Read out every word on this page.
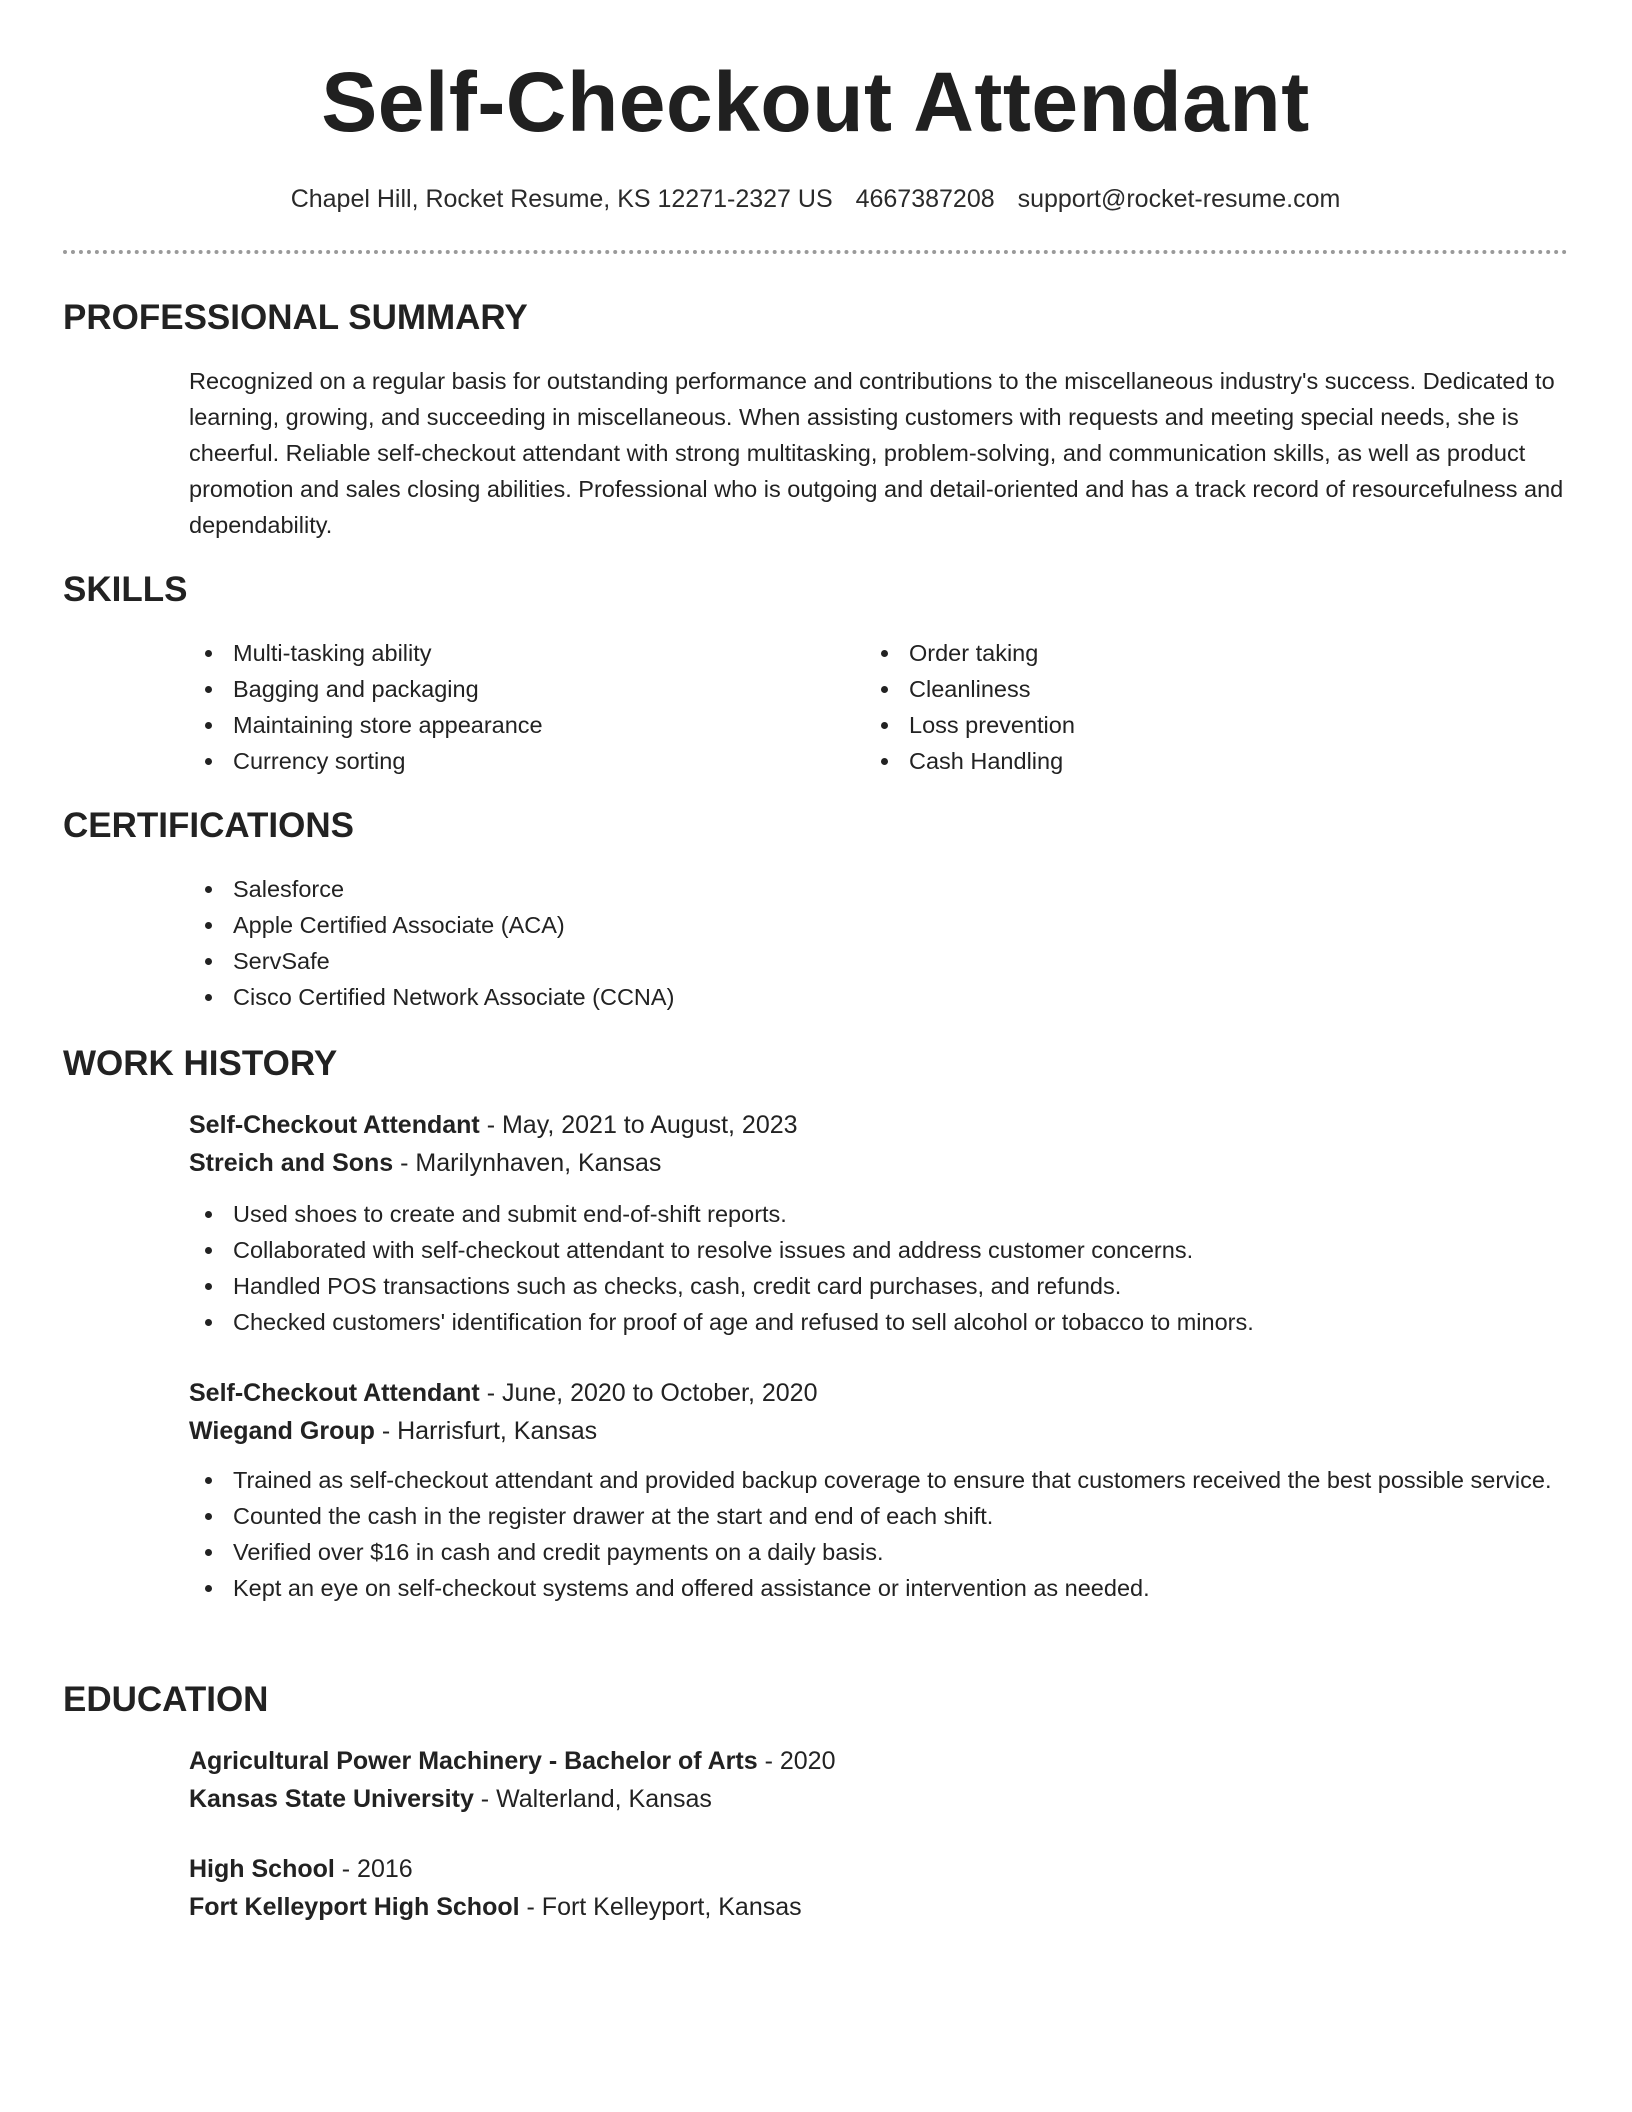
Self-Checkout Attendant
Chapel Hill, Rocket Resume, KS 12271-2327 US 4667387208 support@rocket-resume.com
PROFESSIONAL SUMMARY

Recognized on a regular basis for outstanding performance and contributions to the miscellaneous industry's success. Dedicated to learning, growing, and succeeding in miscellaneous. When assisting customers with requests and meeting special needs, she is cheerful. Reliable self-checkout attendant with strong multitasking, problem-solving, and communication skills, as well as product promotion and sales closing abilities. Professional who is outgoing and detail-oriented and has a track record of resourcefulness and dependability.

SKILLS
Multi-tasking ability
Bagging and packaging
Maintaining store appearance
Currency sorting
Order taking
Cleanliness
Loss prevention
Cash Handling
CERTIFICATIONS
Salesforce
Apple Certified Associate (ACA)
ServSafe
Cisco Certified Network Associate (CCNA)
WORK HISTORY
Self-Checkout Attendant - May, 2021 to August, 2023
Streich and Sons - Marilynhaven, Kansas
Used shoes to create and submit end-of-shift reports.
Collaborated with self-checkout attendant to resolve issues and address customer concerns.
Handled POS transactions such as checks, cash, credit card purchases, and refunds.
Checked customers' identification for proof of age and refused to sell alcohol or tobacco to minors.
Self-Checkout Attendant - June, 2020 to October, 2020
Wiegand Group - Harrisfurt, Kansas
Trained as self-checkout attendant and provided backup coverage to ensure that customers received the best possible service.
Counted the cash in the register drawer at the start and end of each shift.
Verified over $16 in cash and credit payments on a daily basis.
Kept an eye on self-checkout systems and offered assistance or intervention as needed.
EDUCATION
Agricultural Power Machinery - Bachelor of Arts - 2020
Kansas State University - Walterland, Kansas
High School - 2016
Fort Kelleyport High School - Fort Kelleyport, Kansas
